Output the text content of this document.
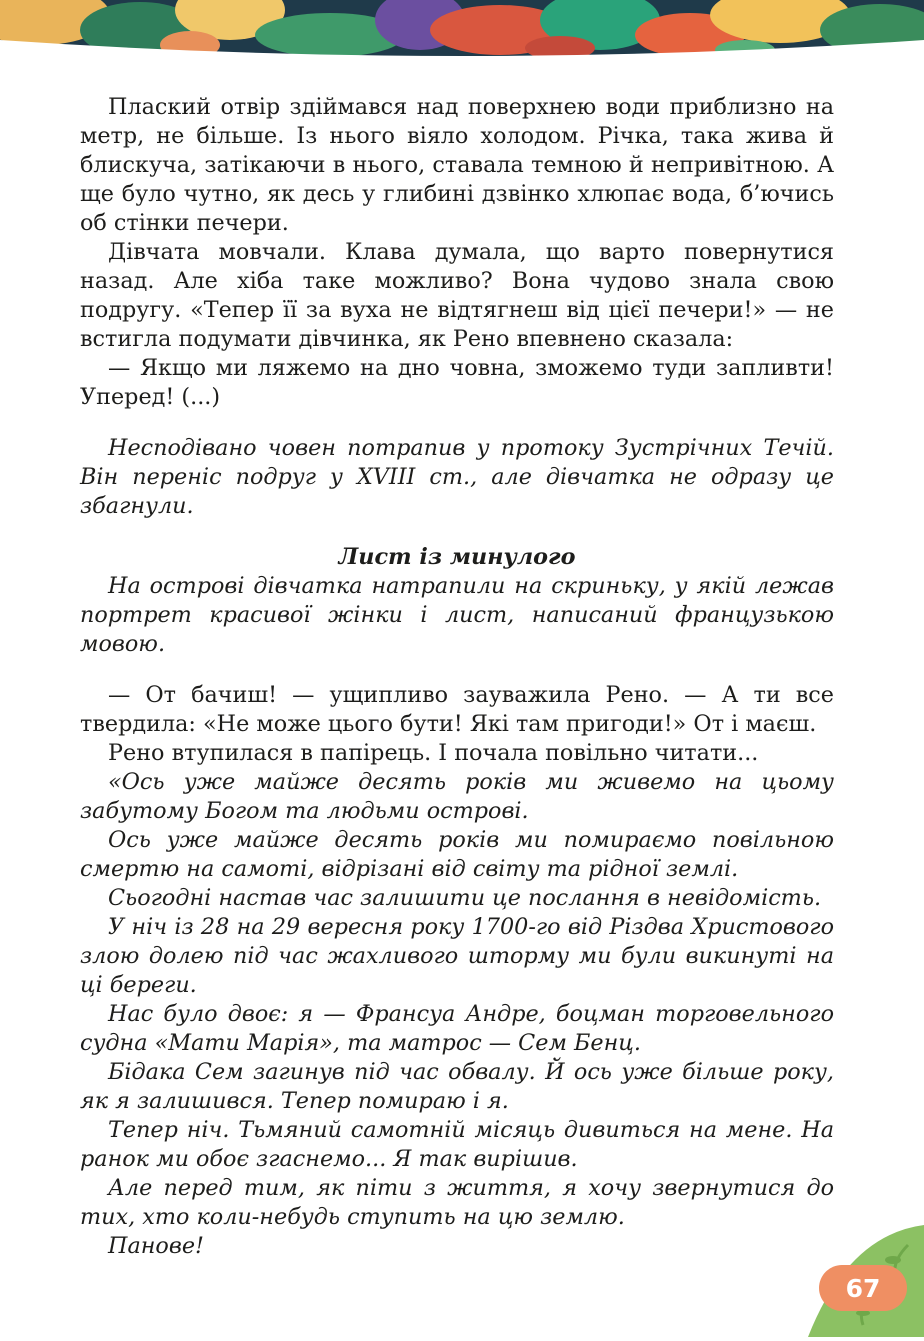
Плаский отвір здіймався над поверхнею води приблизно на метр, не більше. Із нього віяло холодом. Річка, така жива й блискуча, затікаючи в нього, ставала темною й непривітною. А ще було чутно, як десь у глибині дзвінко хлюпає вода, б’ючись об стінки печери.

Дівчата мовчали. Клава думала, що варто повернутися назад. Але хіба таке можливо? Вона чудово знала свою подругу. «Тепер її за вуха не відтягнеш від цієї печери!» — не встигла подумати дівчинка, як Рено впевнено сказала:

— Якщо ми ляжемо на дно човна, зможемо туди запливти! Уперед! (...)

Несподівано човен потрапив у протоку Зустрічних Течій. Він переніс подруг у XVIII ст., але дівчатка не одразу це збагнули.

Лист із минулого

На острові дівчатка натрапили на скриньку, у якій лежав портрет красивої жінки і лист, написаний французькою мовою.

— От бачиш! — ущипливо зауважила Рено. — А ти все твердила: «Не може цього бути! Які там пригоди!» От і маєш.

Рено втупилася в папірець. І почала повільно читати...

«Ось уже майже десять років ми живемо на цьому забутому Богом та людьми острові.

Ось уже майже десять років ми помираємо повільною смертю на самоті, відрізані від світу та рідної землі.

Сьогодні настав час залишити це послання в невідомість.

У ніч із 28 на 29 вересня року 1700-го від Різдва Христового злою долею під час жахливого шторму ми були викинуті на ці береги.

Нас було двоє: я — Франсуа Андре, боцман торговельного судна «Мати Марія», та матрос — Сем Бенц.

Бідака Сем загинув під час обвалу. Й ось уже більше року, як я залишився. Тепер помираю і я.

Тепер ніч. Тьмяний самотній місяць дивиться на мене. На ранок ми обоє згаснемо... Я так вирішив.

Але перед тим, як піти з життя, я хочу звернутися до тих, хто коли-небудь ступить на цю землю.

Панове!

67
